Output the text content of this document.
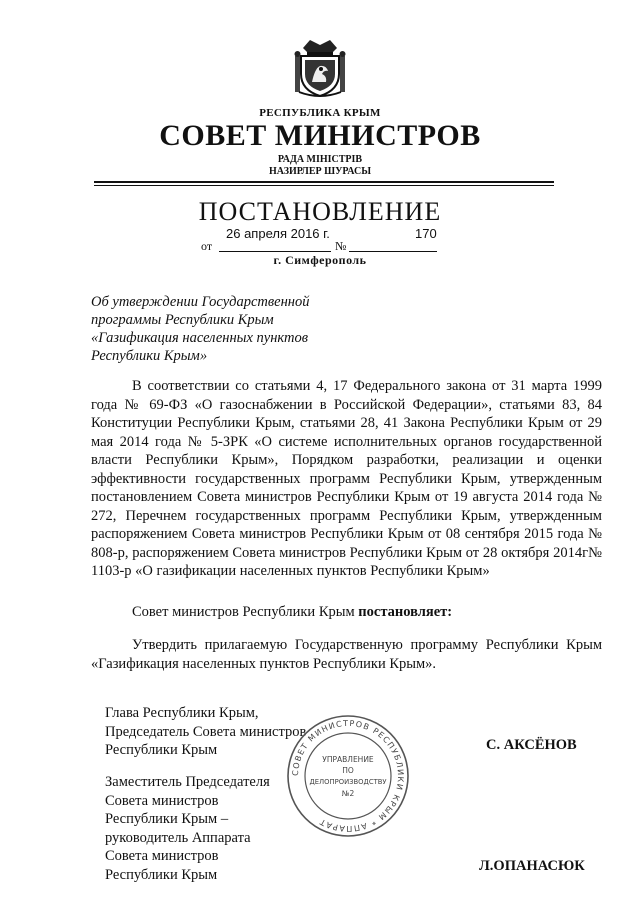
РЕСПУБЛИКА КРЫМ
СОВЕТ МИНИСТРОВ
РАДА МІНІСТРІВ
НАЗИРЛЕР ШУРАСЫ
ПОСТАНОВЛЕНИЕ
от
26 апреля 2016 г.
№
170
г. Симферополь
Об утверждении Государственной
программы Республики Крым
«Газификация населенных пунктов
Республики Крым»

В соответствии со статьями 4, 17 Федерального закона от 31 марта 1999 года № 69-ФЗ «О газоснабжении в Российской Федерации», статьями 83, 84 Конституции Республики Крым, статьями 28, 41 Закона Республики Крым от 29 мая 2014 года № 5-ЗРК «О системе исполнительных органов государственной власти Республики Крым», Порядком разработки, реализации и оценки эффективности государственных программ Республики Крым, утвержденным постановлением Совета министров Республики Крым от 19 августа 2014 года № 272, Перечнем государственных программ Республики Крым, утвержденным распоряжением Совета министров Республики Крым от 08 сентября 2015 года № 808-р, распоряжением Совета министров Республики Крым от 28 октября 2014г№ 1103-р «О газификации населенных пунктов Республики Крым»

Совет министров Республики Крым постановляет:
Утвердить прилагаемую Государственную программу Республики Крым «Газификация населенных пунктов Республики Крым».
Глава Республики Крым,
Председатель Совета министров
Республики Крым	С. АКСЁНОВ
Заместитель Председателя
Совета министров
Республики Крым –
руководитель Аппарата
Совета министров
Республики Крым
Л.ОПАНАСЮК
СОВЕТ МИНИСТРОВ РЕСПУБЛИКИ КРЫМ * АППАРАТ
УПРАВЛЕНИЕ
ПО
ДЕЛОПРОИЗВОДСТВУ
№2
